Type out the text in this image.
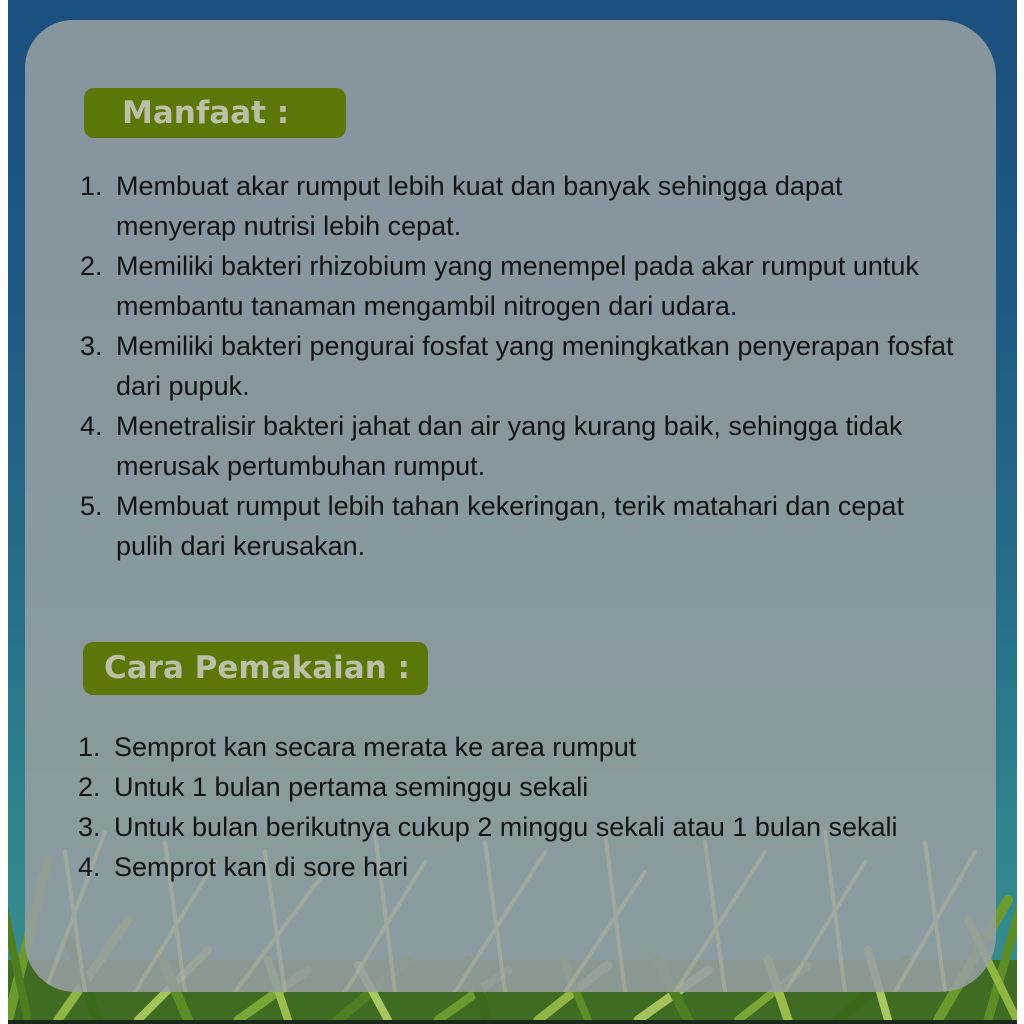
Manfaat :
1. Membuat akar rumput lebih kuat dan banyak sehingga dapat menyerap nutrisi lebih cepat.
2. Memiliki bakteri rhizobium yang menempel pada akar rumput untuk membantu tanaman mengambil nitrogen dari udara.
3. Memiliki bakteri pengurai fosfat yang meningkatkan penyerapan fosfat dari pupuk.
4. Menetralisir bakteri jahat dan air yang kurang baik, sehingga tidak merusak pertumbuhan rumput.
5. Membuat rumput lebih tahan kekeringan, terik matahari dan cepat pulih dari kerusakan.
Cara Pemakaian :
1. Semprot kan secara merata ke area rumput
2. Untuk 1 bulan pertama seminggu sekali
3. Untuk bulan berikutnya cukup 2 minggu sekali atau 1 bulan sekali
4. Semprot kan di sore hari
